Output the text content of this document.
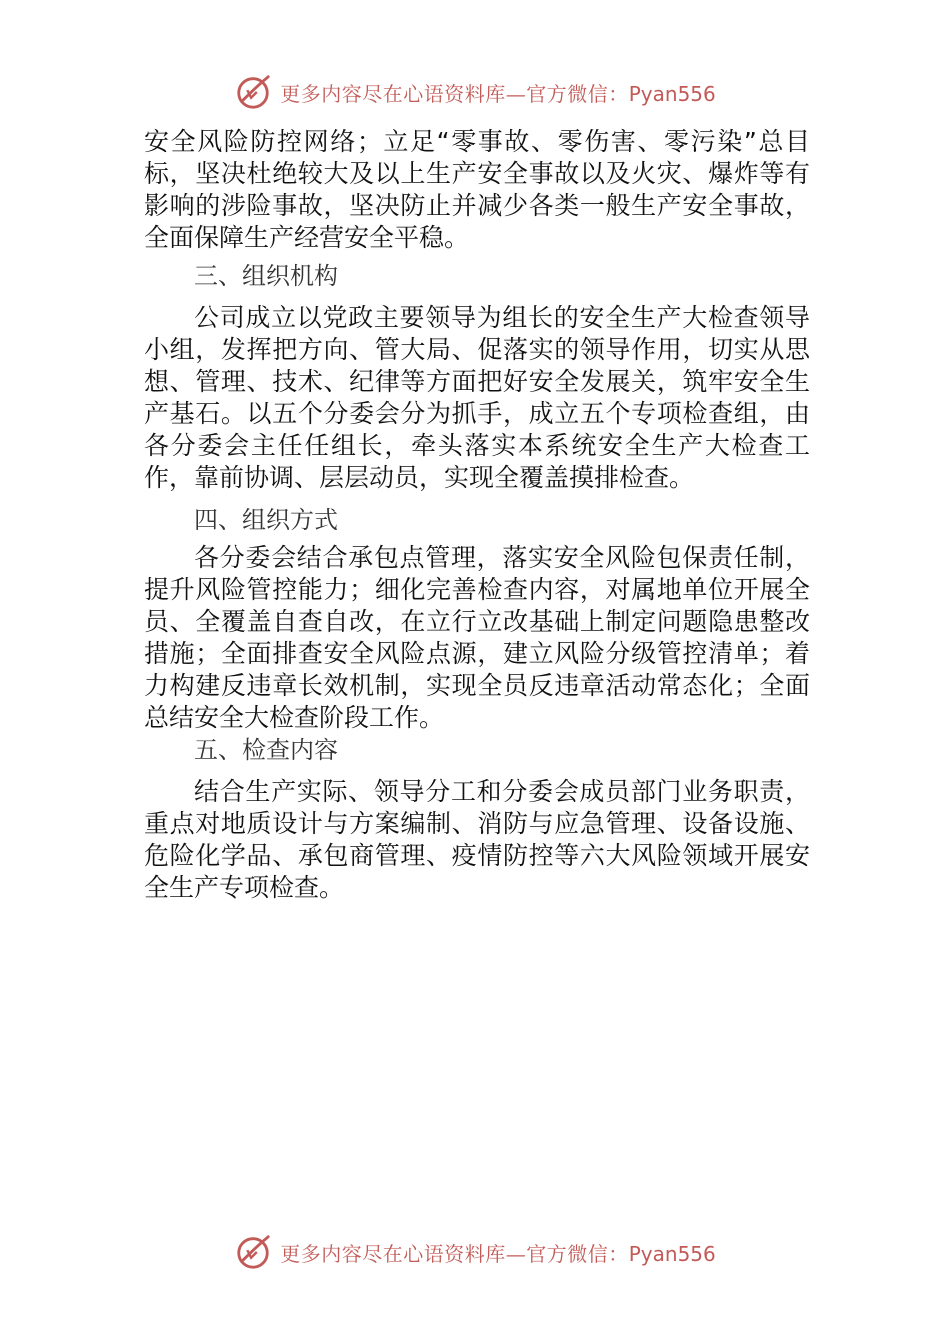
更多内容尽在心语资料库—官方微信：Pyan556

安全风险防控网络；立足“零事故、零伤害、零污染”总目标，坚决杜绝较大及以上生产安全事故以及火灾、爆炸等有影响的涉险事故，坚决防止并减少各类一般生产安全事故，全面保障生产经营安全平稳。

三、组织机构

公司成立以党政主要领导为组长的安全生产大检查领导小组，发挥把方向、管大局、促落实的领导作用，切实从思想、管理、技术、纪律等方面把好安全发展关，筑牢安全生产基石。以五个分委会分为抓手，成立五个专项检查组，由各分委会主任任组长，牵头落实本系统安全生产大检查工作，靠前协调、层层动员，实现全覆盖摸排检查。

四、组织方式

各分委会结合承包点管理，落实安全风险包保责任制，提升风险管控能力；细化完善检查内容，对属地单位开展全员、全覆盖自查自改，在立行立改基础上制定问题隐患整改措施；全面排查安全风险点源，建立风险分级管控清单；着力构建反违章长效机制，实现全员反违章活动常态化；全面总结安全大检查阶段工作。

五、检查内容

结合生产实际、领导分工和分委会成员部门业务职责，重点对地质设计与方案编制、消防与应急管理、设备设施、危险化学品、承包商管理、疫情防控等六大风险领域开展安全生产专项检查。

更多内容尽在心语资料库—官方微信：Pyan556
